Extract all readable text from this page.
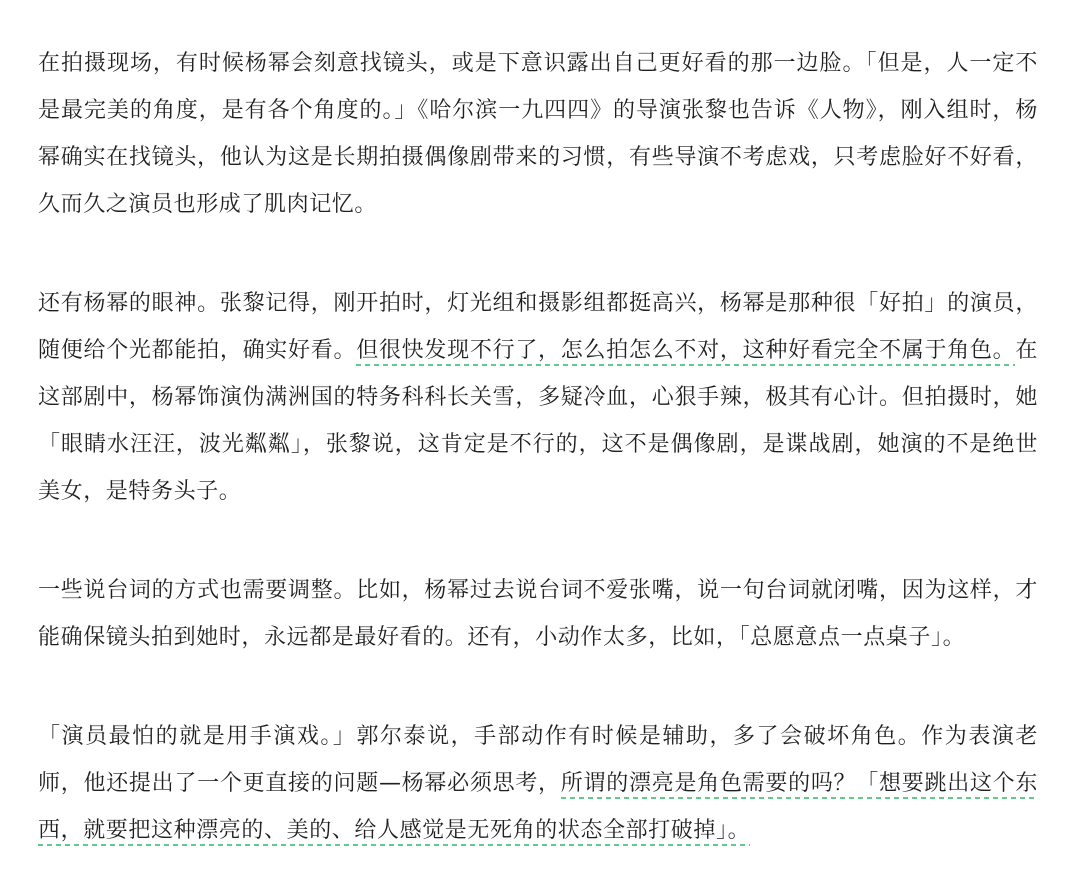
在拍摄现场，有时候杨幂会刻意找镜头，或是下意识露出自己更好看的那一边脸。「但是，人一定不是最完美的角度，是有各个角度的。」《哈尔滨一九四四》的导演张黎也告诉《人物》，刚入组时，杨幂确实在找镜头，他认为这是长期拍摄偶像剧带来的习惯，有些导演不考虑戏，只考虑脸好不好看，久而久之演员也形成了肌肉记忆。

还有杨幂的眼神。张黎记得，刚开拍时，灯光组和摄影组都挺高兴，杨幂是那种很「好拍」的演员，随便给个光都能拍，确实好看。但很快发现不行了，怎么拍怎么不对，这种好看完全不属于角色。在这部剧中，杨幂饰演伪满洲国的特务科科长关雪，多疑冷血，心狠手辣，极其有心计。但拍摄时，她「眼睛水汪汪，波光粼粼」，张黎说，这肯定是不行的，这不是偶像剧，是谍战剧，她演的不是绝世美女，是特务头子。

一些说台词的方式也需要调整。比如，杨幂过去说台词不爱张嘴，说一句台词就闭嘴，因为这样，才能确保镜头拍到她时，永远都是最好看的。还有，小动作太多，比如，「总愿意点一点桌子」。

「演员最怕的就是用手演戏。」郭尔泰说，手部动作有时候是辅助，多了会破坏角色。作为表演老师，他还提出了一个更直接的问题—杨幂必须思考，所谓的漂亮是角色需要的吗？「想要跳出这个东西，就要把这种漂亮的、美的、给人感觉是无死角的状态全部打破掉」。
